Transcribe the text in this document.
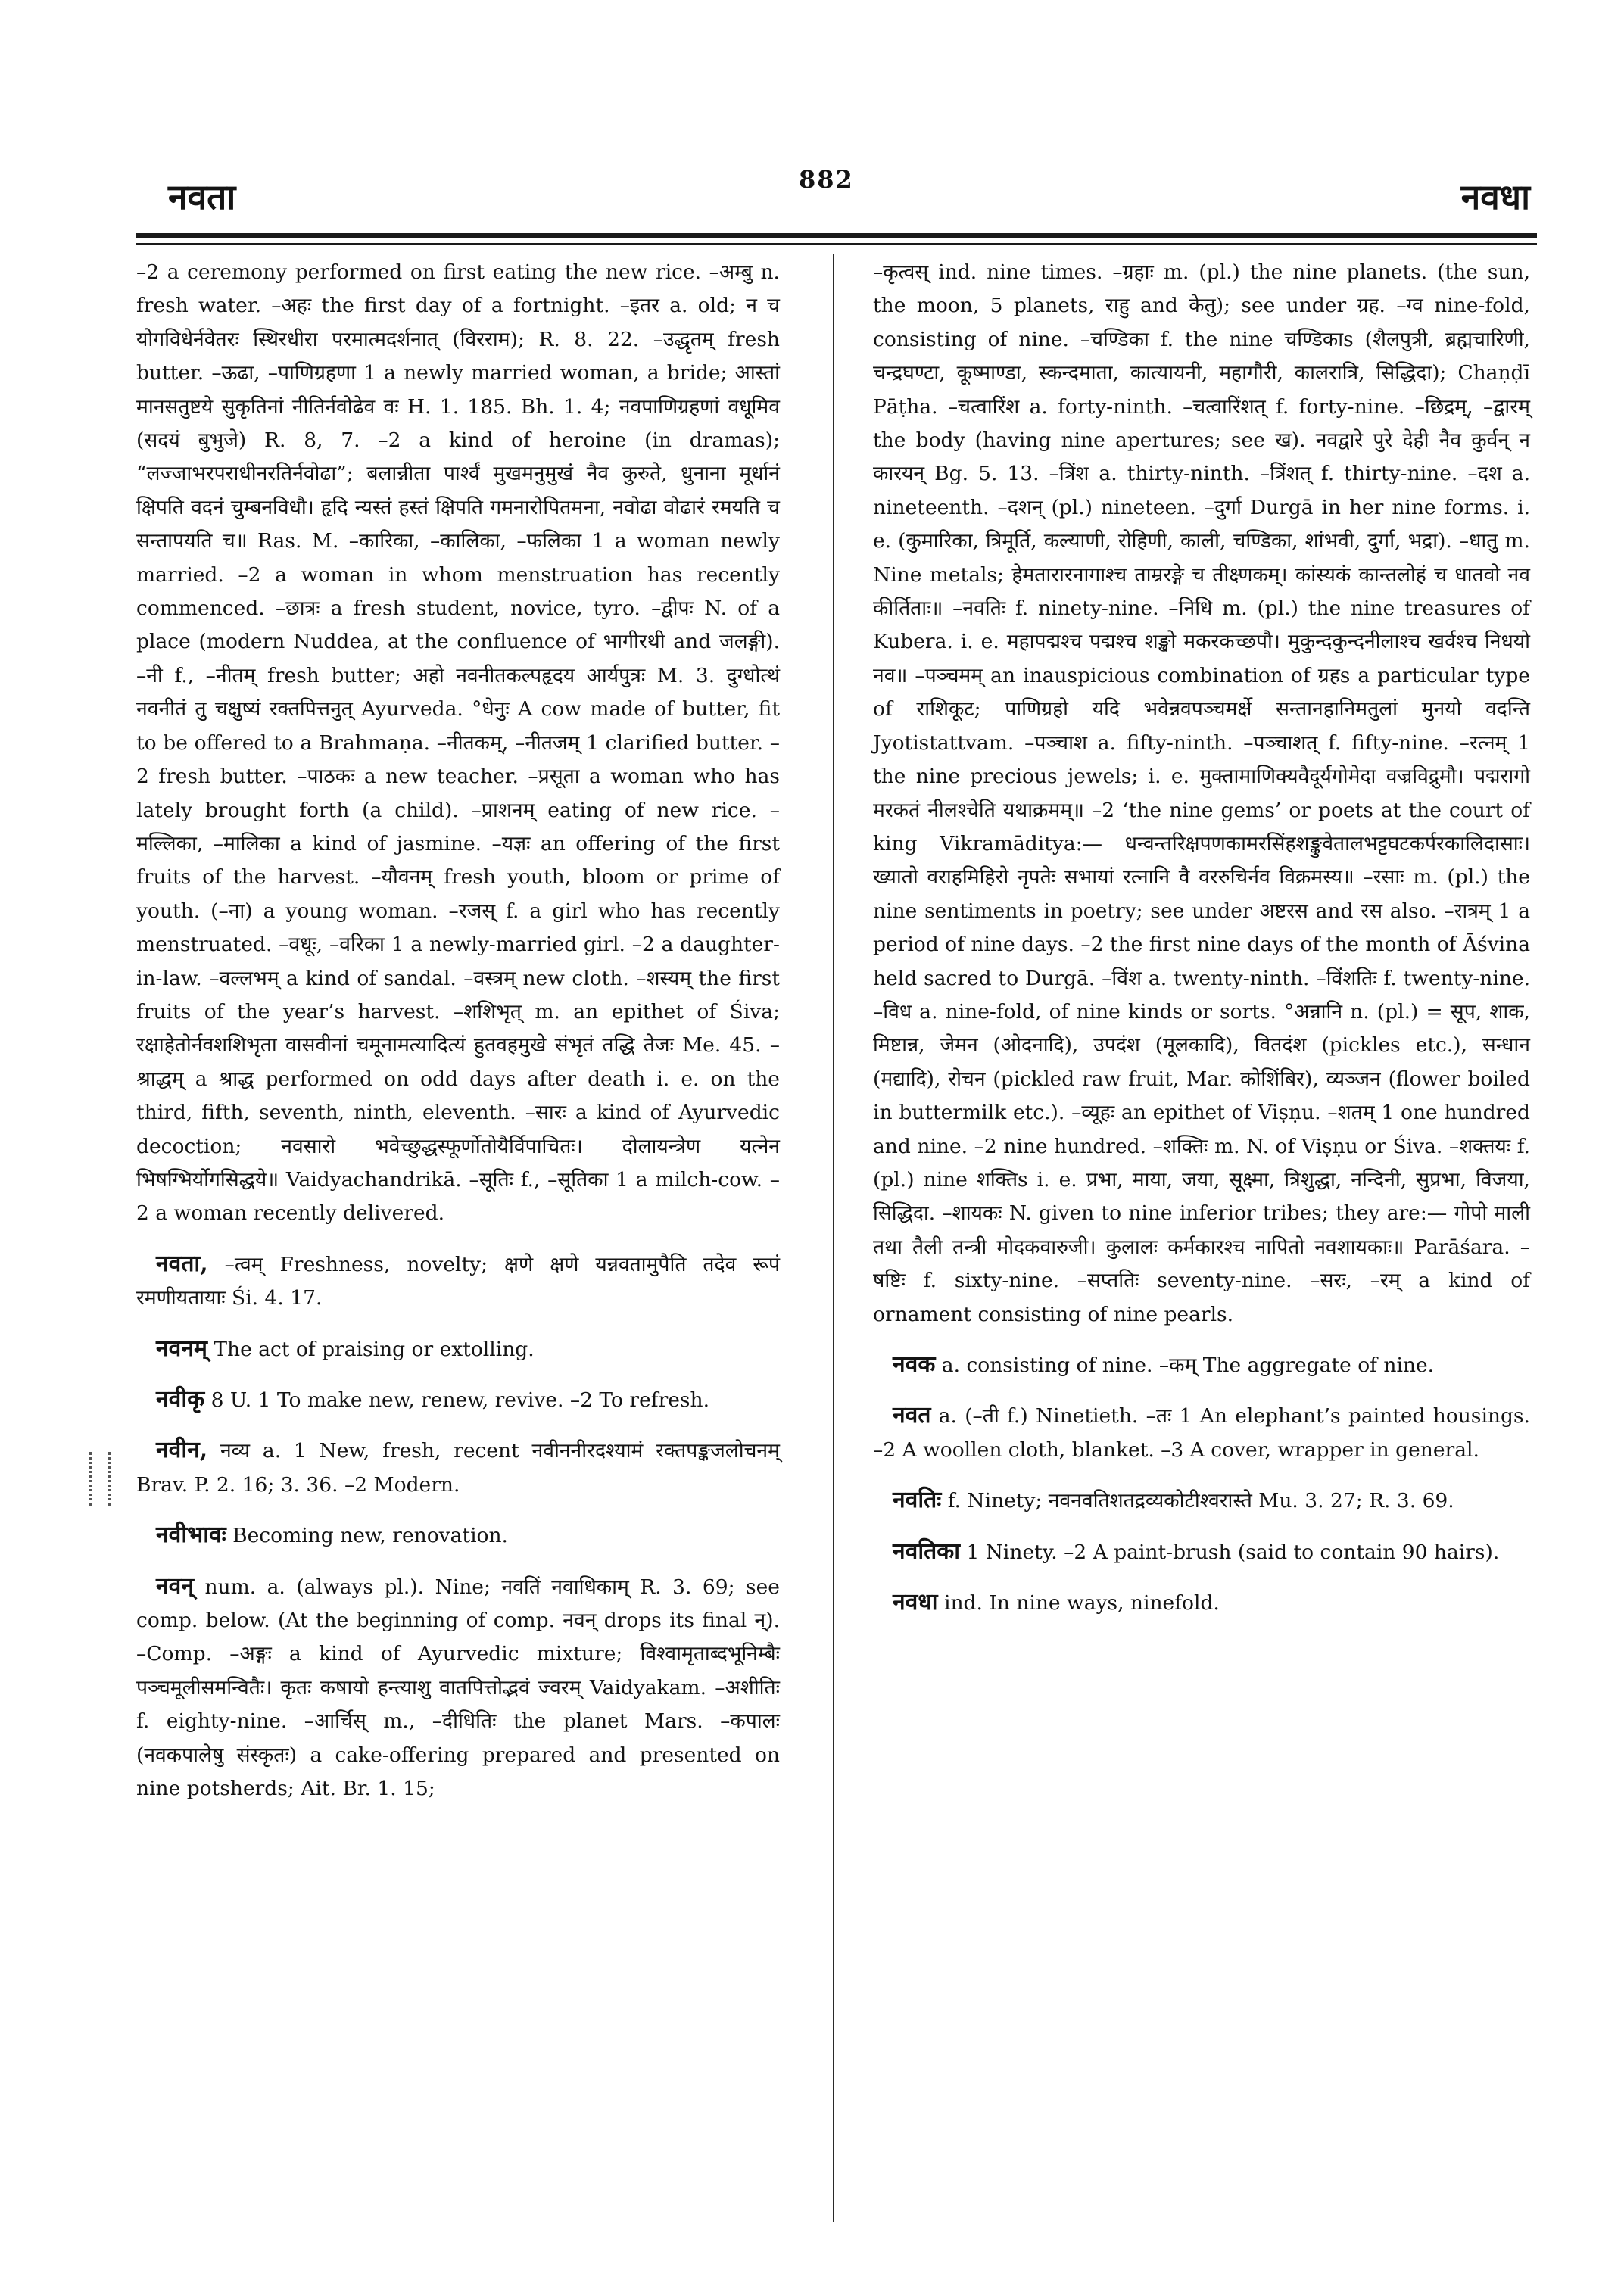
नवता	882	नवधा

–2 a ceremony performed on first eating the new rice. –अम्बु n. fresh water. –अहः the first day of a fortnight. –इतर a. old; न च योगविधेर्नवेतरः स्थिरधीरा परमात्मदर्शनात् (विरराम); R. 8. 22. –उद्धृतम् fresh butter. –ऊढा, –पाणिग्रहणा 1 a newly married woman, a bride; आस्तां मानसतुष्टये सुकृतिनां नीतिर्नवोढेव वः H. 1. 185. Bh. 1. 4; नवपाणिग्रहणां वधूमिव (सदयं बुभुजे) R. 8, 7. –2 a kind of heroine (in dramas); “लज्जाभरपराधीनरतिर्नवोढा”; बलान्नीता पार्श्वं मुखमनुमुखं नैव कुरुते, धुनाना मूर्धानं क्षिपति वदनं चुम्बनविधौ। हृदि न्यस्तं हस्तं क्षिपति गमनारोपितमना, नवोढा वोढारं रमयति च सन्तापयति च॥ Ras. M. –कारिका, –कालिका, –फलिका 1 a woman newly married. –2 a woman in whom menstruation has recently commenced. –छात्रः a fresh student, novice, tyro. –द्वीपः N. of a place (modern Nuddea, at the confluence of भागीरथी and जलङ्गी). –नी f., –नीतम् fresh butter; अहो नवनीतकल्पहृदय आर्यपुत्रः M. 3. दुग्धोत्थं नवनीतं तु चक्षुष्यं रक्तपित्तनुत् Ayurveda. °धेनुः A cow made of butter, fit to be offered to a Brahmaṇa. –नीतकम्, –नीतजम् 1 clarified butter. –2 fresh butter. –पाठकः a new teacher. –प्रसूता a woman who has lately brought forth (a child). –प्राशनम् eating of new rice. –मल्लिका, –मालिका a kind of jasmine. –यज्ञः an offering of the first fruits of the harvest. –यौवनम् fresh youth, bloom or prime of youth. (–ना) a young woman. –रजस् f. a girl who has recently menstruated. –वधूः, –वरिका 1 a newly-married girl. –2 a daughter-in-law. –वल्लभम् a kind of sandal. –वस्त्रम् new cloth. –शस्यम् the first fruits of the year’s harvest. –शशिभृत् m. an epithet of Śiva; रक्षाहेतोर्नवशशिभृता वासवीनां चमूनामत्यादित्यं हुतवहमुखे संभृतं तद्धि तेजः Me. 45. –श्राद्धम् a श्राद्ध performed on odd days after death i. e. on the third, fifth, seventh, ninth, eleventh. –सारः a kind of Ayurvedic decoction; नवसारो भवेच्छुद्धस्फूर्णोतोयैर्विपाचितः। दोलायन्त्रेण यत्नेन भिषग्भिर्योगसिद्धये॥ Vaidyachandrikā. –सूतिः f., –सूतिका 1 a milch-cow. –2 a woman recently delivered.

नवता, –त्वम् Freshness, novelty; क्षणे क्षणे यन्नवतामुपैति तदेव रूपं रमणीयतायाः Śi. 4. 17.

नवनम् The act of praising or extolling.

नवीकृ 8 U. 1 To make new, renew, revive. –2 To refresh.

नवीन, नव्य a. 1 New, fresh, recent नवीननीरदश्यामं रक्तपङ्कजलोचनम् Brav. P. 2. 16; 3. 36. –2 Modern.

नवीभावः Becoming new, renovation.

नवन् num. a. (always pl.). Nine; नवतिं नवाधिकाम् R. 3. 69; see comp. below. (At the beginning of comp. नवन् drops its final न्). –Comp. –अङ्गः a kind of Ayurvedic mixture; विश्वामृताब्दभूनिम्बैः पञ्चमूलीसमन्वितैः। कृतः कषायो हन्त्याशु वातपित्तोद्भवं ज्वरम् Vaidyakam. –अशीतिः f. eighty-nine. –आर्चिस् m., –दीधितिः the planet Mars. –कपालः (नवकपालेषु संस्कृतः) a cake-offering prepared and presented on nine potsherds; Ait. Br. 1. 15;

–कृत्वस् ind. nine times. –ग्रहाः m. (pl.) the nine planets. (the sun, the moon, 5 planets, राहु and केतु); see under ग्रह. –ग्व nine-fold, consisting of nine. –चण्डिका f. the nine चण्डिकाs (शैलपुत्री, ब्रह्मचारिणी, चन्द्रघण्टा, कूष्माण्डा, स्कन्दमाता, कात्यायनी, महागौरी, कालरात्रि, सिद्धिदा); Chaṇḍī Pāṭha. –चत्वारिंश a. forty-ninth. –चत्वारिंशत् f. forty-nine. –छिद्रम्, –द्वारम् the body (having nine apertures; see ख). नवद्वारे पुरे देही नैव कुर्वन् न कारयन् Bg. 5. 13. –त्रिंश a. thirty-ninth. –त्रिंशत् f. thirty-nine. –दश a. nineteenth. –दशन् (pl.) nineteen. –दुर्गा Durgā in her nine forms. i. e. (कुमारिका, त्रिमूर्ति, कल्याणी, रोहिणी, काली, चण्डिका, शांभवी, दुर्गा, भद्रा). –धातु m. Nine metals; हेमतारारनागाश्च ताम्ररङ्गे च तीक्ष्णकम्। कांस्यकं कान्तलोहं च धातवो नव कीर्तिताः॥ –नवतिः f. ninety-nine. –निधि m. (pl.) the nine treasures of Kubera. i. e. महापद्मश्च पद्मश्च शङ्खो मकरकच्छपौ। मुकुन्दकुन्दनीलाश्च खर्वश्च निधयो नव॥ –पञ्चमम् an inauspicious combination of ग्रहs a particular type of राशिकूट; पाणिग्रहो यदि भवेन्नवपञ्चमर्क्षे सन्तानहानिमतुलां मुनयो वदन्ति Jyotistattvam. –पञ्चाश a. fifty-ninth. –पञ्चाशत् f. fifty-nine. –रत्नम् 1 the nine precious jewels; i. e. मुक्तामाणिक्यवैदूर्यगोमेदा वज्रविद्रुमौ। पद्मरागो मरकतं नीलश्चेति यथाक्रमम्॥ –2 ‘the nine gems’ or poets at the court of king Vikramāditya:— धन्वन्तरिक्षपणकामरसिंहशङ्कुवेतालभट्टघटकर्परकालिदासाः। ख्यातो वराहमिहिरो नृपतेः सभायां रत्नानि वै वररुचिर्नव विक्रमस्य॥ –रसाः m. (pl.) the nine sentiments in poetry; see under अष्टरस and रस also. –रात्रम् 1 a period of nine days. –2 the first nine days of the month of Āśvina held sacred to Durgā. –विंश a. twenty-ninth. –विंशतिः f. twenty-nine. –विध a. nine-fold, of nine kinds or sorts. °अन्नानि n. (pl.) = सूप, शाक, मिष्टान्न, जेमन (ओदनादि), उपदंश (मूलकादि), वितदंश (pickles etc.), सन्धान (मद्यादि), रोचन (pickled raw fruit, Mar. कोशिंबिर), व्यञ्जन (flower boiled in buttermilk etc.). –व्यूहः an epithet of Viṣṇu. –शतम् 1 one hundred and nine. –2 nine hundred. –शक्तिः m. N. of Viṣṇu or Śiva. –शक्तयः f. (pl.) nine शक्तिs i. e. प्रभा, माया, जया, सूक्ष्मा, त्रिशुद्धा, नन्दिनी, सुप्रभा, विजया, सिद्धिदा. –शायकः N. given to nine inferior tribes; they are:— गोपो माली तथा तैली तन्त्री मोदकवारुजी। कुलालः कर्मकारश्च नापितो नवशायकाः॥ Parāśara. –षष्टिः f. sixty-nine. –सप्ततिः seventy-nine. –सरः, –रम् a kind of ornament consisting of nine pearls.

नवक a. consisting of nine. –कम् The aggregate of nine.

नवत a. (–ती f.) Ninetieth. –तः 1 An elephant’s painted housings. –2 A woollen cloth, blanket. –3 A cover, wrapper in general.

नवतिः f. Ninety; नवनवतिशतद्रव्यकोटीश्वरास्ते Mu. 3. 27; R. 3. 69.

नवतिका 1 Ninety. –2 A paint-brush (said to contain 90 hairs).

नवधा ind. In nine ways, ninefold.
